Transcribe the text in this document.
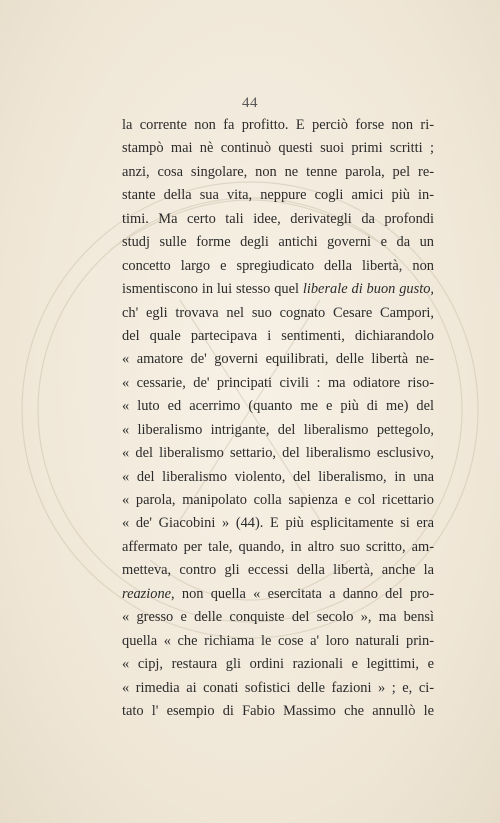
44
la corrente non fa profitto. E perciò forse non ri-
stampò mai nè continuò questi suoi primi scritti ;
anzi, cosa singolare, non ne tenne parola, pel re-
stante della sua vita, neppure cogli amici più in-
timi. Ma certo tali idee, derivategli da profondi
studj sulle forme degli antichi governi e da un
concetto largo e spregiudicato della libertà, non
ismentiscono in lui stesso quel liberale di buon gusto,
ch' egli trovava nel suo cognato Cesare Campori,
del quale partecipava i sentimenti, dichiarandolo
« amatore de' governi equilibrati, delle libertà ne-
« cessarie, de' principati civili : ma odiatore riso-
« luto ed acerrimo (quanto me e più di me) del
« liberalismo intrigante, del liberalismo pettegolo,
« del liberalismo settario, del liberalismo esclusivo,
« del liberalismo violento, del liberalismo, in una
« parola, manipolato colla sapienza e col ricettario
« de' Giacobini » (44). E più esplicitamente si era
affermato per tale, quando, in altro suo scritto, am-
metteva, contro gli eccessi della libertà, anche la
reazione, non quella « esercitata a danno del pro-
« gresso e delle conquiste del secolo », ma bensì
quella « che richiama le cose a' loro naturali prin-
« cipj, restaura gli ordini razionali e legittimi, e
« rimedia ai conati sofistici delle fazioni » ; e, ci-
tato l' esempio di Fabio Massimo che annullò le
